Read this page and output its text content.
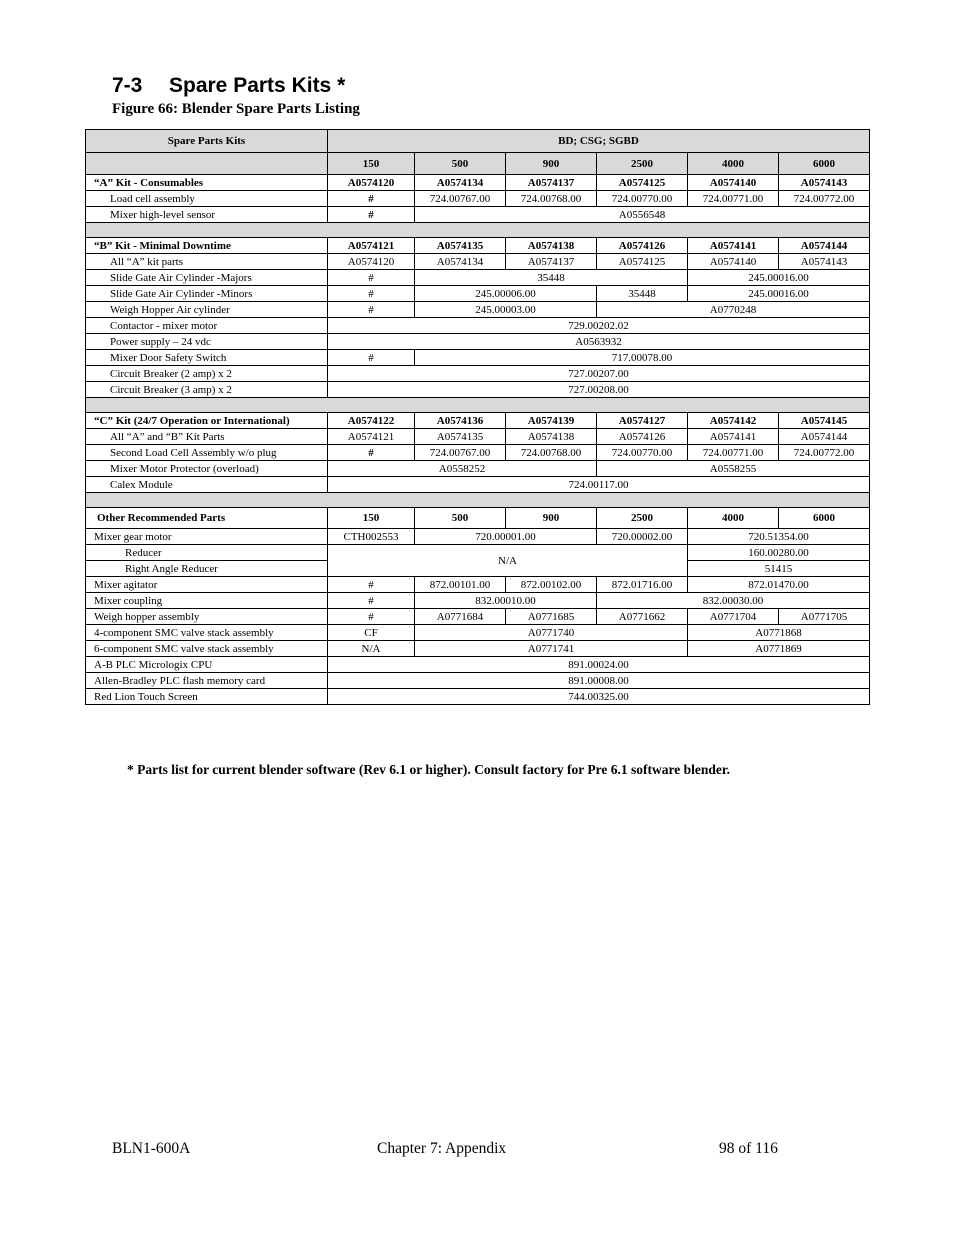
7-3 Spare Parts Kits *

Figure 66: Blender Spare Parts Listing

Spare Parts Kits	BD; CSG; SGBD					
	150	500	900	2500	4000	6000
“A” Kit - Consumables	A0574120	A0574134	A0574137	A0574125	A0574140	A0574143
Load cell assembly	#	724.00767.00	724.00768.00	724.00770.00	724.00771.00	724.00772.00
Mixer high-level sensor	#	A0556548				

“B” Kit - Minimal Downtime	A0574121	A0574135	A0574138	A0574126	A0574141	A0574144
All “A” kit parts	A0574120	A0574134	A0574137	A0574125	A0574140	A0574143
Slide Gate Air Cylinder -Majors	#	35448			245.00016.00	
Slide Gate Air Cylinder -Minors	#	245.00006.00		35448	245.00016.00	
Weigh Hopper Air cylinder	#	245.00003.00		A0770248		
Contactor - mixer motor	729.00202.02					
Power supply – 24 vdc	A0563932					
Mixer Door Safety Switch	#	717.00078.00				
Circuit Breaker (2 amp) x 2	727.00207.00					
Circuit Breaker (3 amp) x 2	727.00208.00					

“C” Kit (24/7 Operation or International)	A0574122	A0574136	A0574139	A0574127	A0574142	A0574145
All “A” and “B” Kit Parts	A0574121	A0574135	A0574138	A0574126	A0574141	A0574144
Second Load Cell Assembly w/o plug	#	724.00767.00	724.00768.00	724.00770.00	724.00771.00	724.00772.00
Mixer Motor Protector (overload)	A0558252			A0558255		
Calex Module	724.00117.00					

Other Recommended Parts	150	500	900	2500	4000	6000
Mixer gear motor	CTH002553	720.00001.00		720.00002.00	720.51354.00	
Reducer	N/A				160.00280.00	
Right Angle Reducer					51415	
Mixer agitator	#	872.00101.00	872.00102.00	872.01716.00	872.01470.00	
Mixer coupling	#	832.00010.00		832.00030.00		
Weigh hopper assembly	#	A0771684	A0771685	A0771662	A0771704	A0771705
4-component SMC valve stack assembly	CF	A0771740			A0771868	
6-component SMC valve stack assembly	N/A	A0771741			A0771869	
A-B PLC Micrologix CPU	891.00024.00					
Allen-Bradley PLC flash memory card	891.00008.00					
Red Lion Touch Screen	744.00325.00					

* Parts list for current blender software (Rev 6.1 or higher). Consult factory for Pre 6.1 software blender.

BLN1-600A	Chapter 7: Appendix	98 of 116
